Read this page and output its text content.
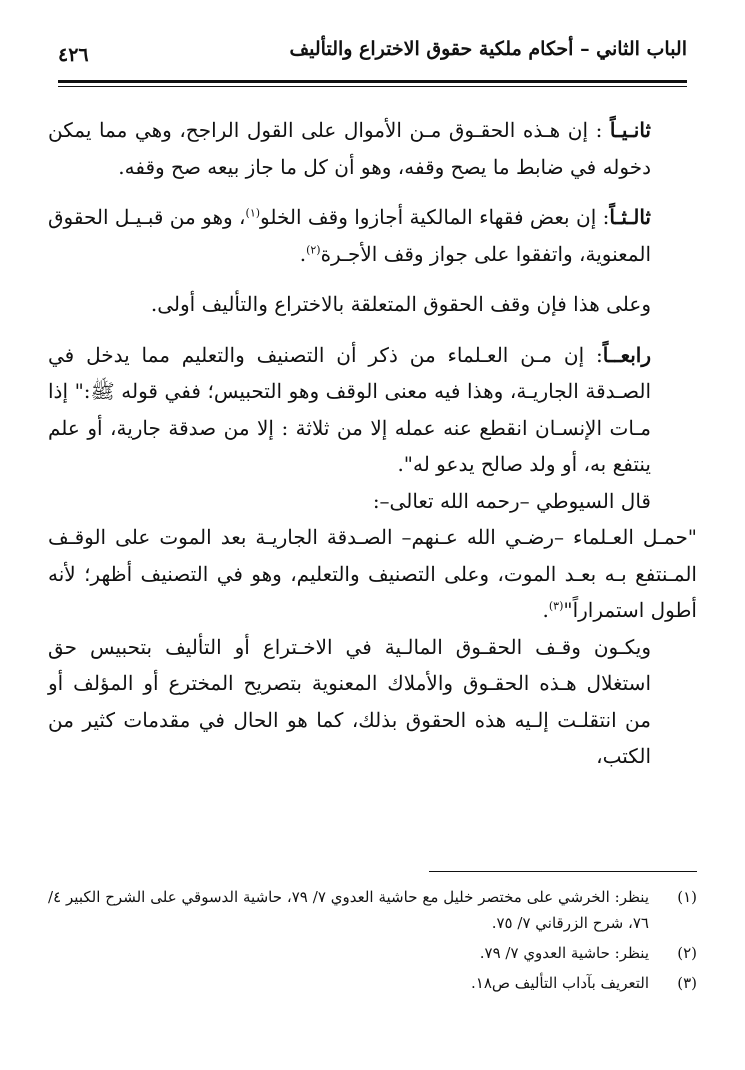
الباب الثاني – أحكام ملكية حقوق الاختراع والتأليف
٤٢٦

ثانـيـاً : إن هـذه الحقـوق مـن الأموال على القول الراجح، وهي مما يمكن دخوله في ضابط ما يصح وقفه، وهو أن كل ما جاز بيعه صح وقفه.

ثالـثـاً: إن بعض فقهاء المالكية أجازوا وقف الخلو$^{(١)}$، وهو من قبـيـل الحقوق المعنوية، واتفقوا على جواز وقف الأجـرة$^{(٢)}$.

وعلى هذا فإن وقف الحقوق المتعلقة بالاختراع والتأليف أولى.

رابعــاً: إن مـن العـلماء من ذكر أن التصنيف والتعليم مما يدخل في الصـدقة الجاريـة، وهذا فيه معنى الوقف وهو التحبيس؛ ففي قوله ﷺ:" إذا مـات الإنسـان انقطع عنه عمله إلا من ثلاثة : إلا من صدقة جارية، أو علم ينتفع به، أو ولد صالح يدعو له".

قال السيوطي –رحمه الله تعالى–:

"حمـل العـلماء –رضـي الله عـنهم– الصـدقة الجاريـة بعد الموت على الوقـف المـنتفع بـه بعـد الموت، وعلى التصنيف والتعليم، وهو في التصنيف أظهر؛ لأنه أطول استمراراً"$^{(٣)}$.

ويكـون وقـف الحقـوق المالـية في الاخـتراع أو التأليف بتحبيس حق استغلال هـذه الحقـوق والأملاك المعنوية بتصريح المخترع أو المؤلف أو من انتقلـت إلـيه هذه الحقوق بذلك، كما هو الحال في مقدمات كثير من الكتب،

(١)
ينظر: الخرشي على مختصر خليل مع حاشية العدوي ٧/ ٧٩، حاشية الدسوقي على الشرح الكبير ٤/ ٧٦، شرح الزرقاني ٧/ ٧٥.
(٢)
ينظر: حاشية العدوي ٧/ ٧٩.
(٣)
التعريف بآداب التأليف ص١٨.
